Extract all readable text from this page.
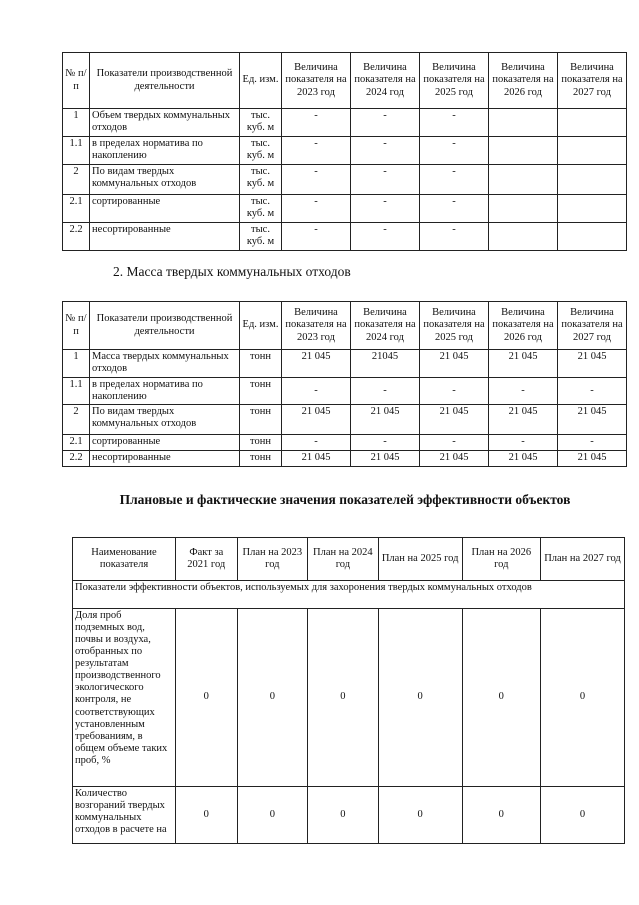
№ п/п	Показатели производственной деятельности	Ед. изм.	Величина показателя на 2023 год	Величина показателя на 2024 год	Величина показателя на 2025 год	Величина показателя на 2026 год	Величина показателя на 2027 год
1	Объем твердых коммунальных отходов	тыс. куб. м	-	-	-		
1.1	в пределах норматива по накоплению	тыс. куб. м	-	-	-		
2	По видам твердых коммунальных отходов	тыс. куб. м	-	-	-		
2.1	сортированные	тыс. куб. м	-	-	-		
2.2	несортированные	тыс. куб. м	-	-	-		
2. Масса твердых коммунальных отходов
№ п/п	Показатели производственной деятельности	Ед. изм.	Величина показателя на 2023 год	Величина показателя на 2024 год	Величина показателя на 2025 год	Величина показателя на 2026 год	Величина показателя на 2027 год
1	Масса твердых коммунальных отходов	тонн	21 045	21045	21 045	21 045	21 045
1.1	в пределах норматива по накоплению	тонн	-	-	-	-	-
2	По видам твердых коммунальных отходов	тонн	21 045	21 045	21 045	21 045	21 045
2.1	сортированные	тонн	-	-	-	-	-
2.2	несортированные	тонн	21 045	21 045	21 045	21 045	21 045
Плановые и фактические значения показателей эффективности объектов
Наименование показателя	Факт за 2021 год	План на 2023 год	План на 2024 год	План на 2025 год	План на 2026 год	План на 2027 год
Показатели эффективности объектов, используемых для захоронения твердых коммунальных отходов						
Доля проб подземных вод, почвы и воздуха, отобранных по результатам производственного экологического контроля, не соответствующих установленным требованиям, в общем объеме таких проб, %	0	0	0	0	0	0
Количество возгораний твердых коммунальных отходов в расчете на	0	0	0	0	0	0
